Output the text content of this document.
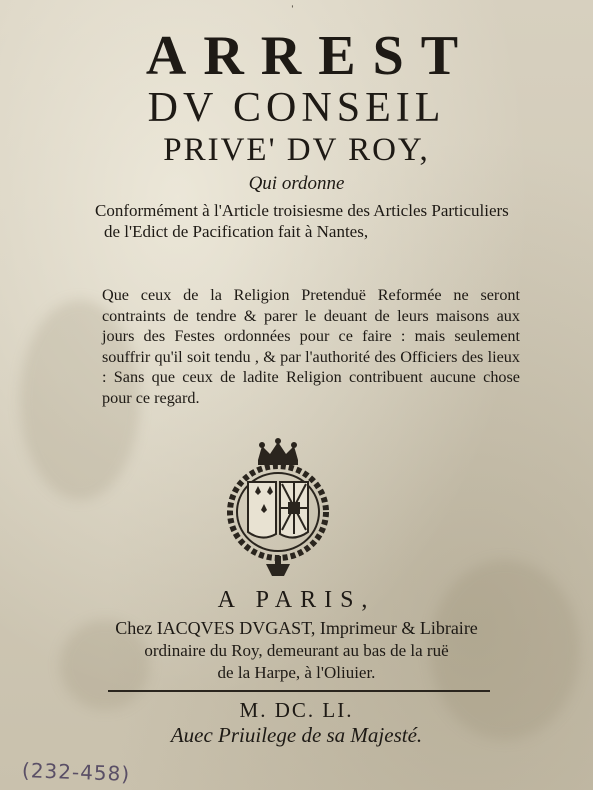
ˈ
ARREST
DV CONSEIL
PRIVE' DV ROY,
Qui ordonne
Conformément à l'Article troisiesme des Articles Particuliers de l'Edict de Pacification fait à Nantes,
Que ceux de la Religion Pretenduë Reformée ne seront contraints de tendre & parer le deuant de leurs maisons aux jours des Festes ordonnées pour ce faire : mais seulement souffrir qu'il soit tendu , & par l'authorité des Officiers des lieux : Sans que ceux de ladite Religion contribuent aucune chose pour ce regard.
A PARIS,
Chez IACQVES DVGAST, Imprimeur & Libraire
ordinaire du Roy, demeurant au bas de la ruë
de la Harpe, à l'Oliuier.
M. DC. LI.
Auec Priuilege de sa Majesté.
(232-458)
